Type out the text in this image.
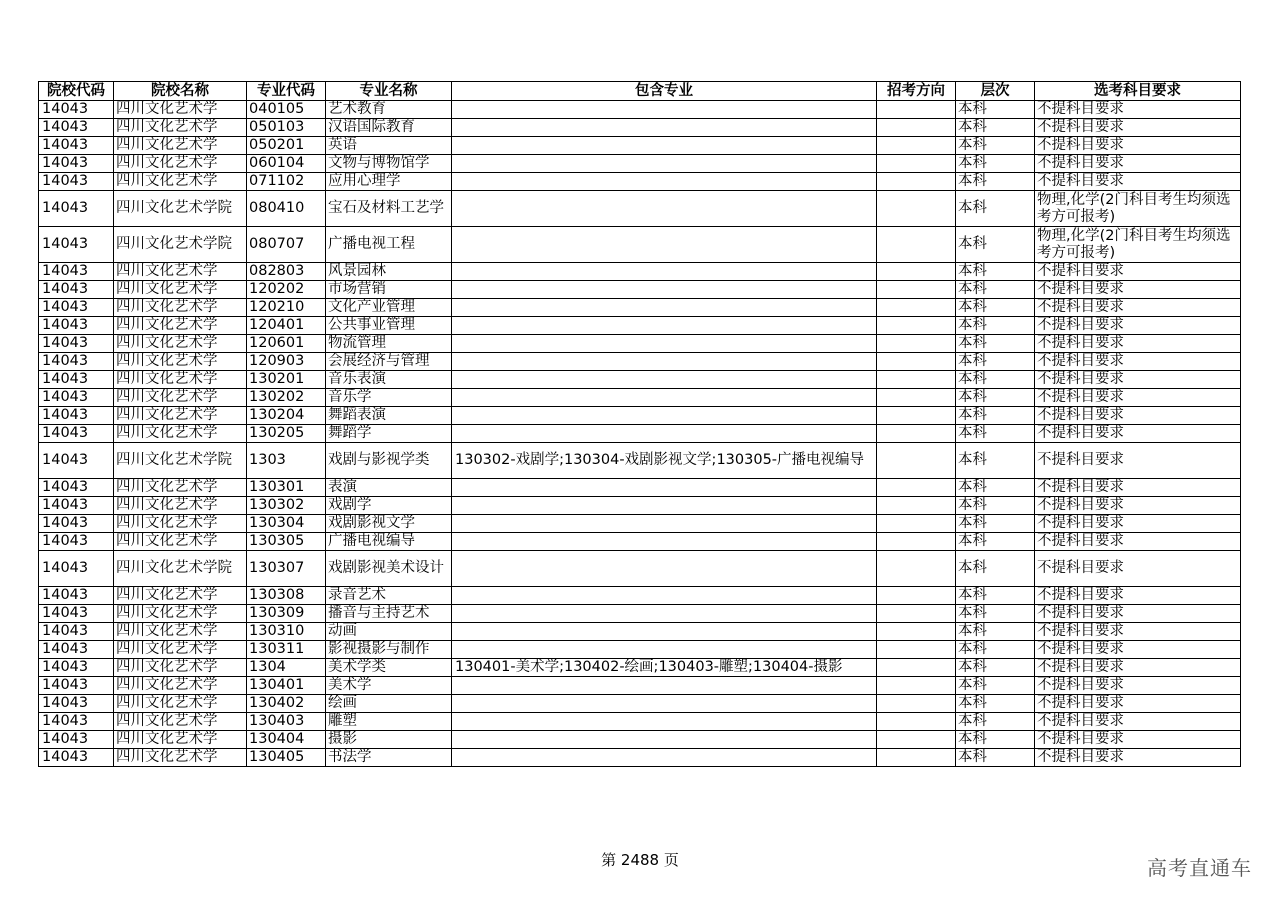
院校代码	院校名称	专业代码	专业名称	包含专业	招考方向	层次	选考科目要求
14043	四川文化艺术学	040105	艺术教育			本科	不提科目要求
14043	四川文化艺术学	050103	汉语国际教育			本科	不提科目要求
14043	四川文化艺术学	050201	英语			本科	不提科目要求
14043	四川文化艺术学	060104	文物与博物馆学			本科	不提科目要求
14043	四川文化艺术学	071102	应用心理学			本科	不提科目要求
14043	四川文化艺术学院	080410	宝石及材料工艺学			本科	物理,化学(2门科目考生均须选考方可报考)
14043	四川文化艺术学院	080707	广播电视工程			本科	物理,化学(2门科目考生均须选考方可报考)
14043	四川文化艺术学	082803	风景园林			本科	不提科目要求
14043	四川文化艺术学	120202	市场营销			本科	不提科目要求
14043	四川文化艺术学	120210	文化产业管理			本科	不提科目要求
14043	四川文化艺术学	120401	公共事业管理			本科	不提科目要求
14043	四川文化艺术学	120601	物流管理			本科	不提科目要求
14043	四川文化艺术学	120903	会展经济与管理			本科	不提科目要求
14043	四川文化艺术学	130201	音乐表演			本科	不提科目要求
14043	四川文化艺术学	130202	音乐学			本科	不提科目要求
14043	四川文化艺术学	130204	舞蹈表演			本科	不提科目要求
14043	四川文化艺术学	130205	舞蹈学			本科	不提科目要求
14043	四川文化艺术学院	1303	戏剧与影视学类	130302-戏剧学;130304-戏剧影视文学;130305-广播电视编导		本科	不提科目要求
14043	四川文化艺术学	130301	表演			本科	不提科目要求
14043	四川文化艺术学	130302	戏剧学			本科	不提科目要求
14043	四川文化艺术学	130304	戏剧影视文学			本科	不提科目要求
14043	四川文化艺术学	130305	广播电视编导			本科	不提科目要求
14043	四川文化艺术学院	130307	戏剧影视美术设计			本科	不提科目要求
14043	四川文化艺术学	130308	录音艺术			本科	不提科目要求
14043	四川文化艺术学	130309	播音与主持艺术			本科	不提科目要求
14043	四川文化艺术学	130310	动画			本科	不提科目要求
14043	四川文化艺术学	130311	影视摄影与制作			本科	不提科目要求
14043	四川文化艺术学	1304	美术学类	130401-美术学;130402-绘画;130403-雕塑;130404-摄影		本科	不提科目要求
14043	四川文化艺术学	130401	美术学			本科	不提科目要求
14043	四川文化艺术学	130402	绘画			本科	不提科目要求
14043	四川文化艺术学	130403	雕塑			本科	不提科目要求
14043	四川文化艺术学	130404	摄影			本科	不提科目要求
14043	四川文化艺术学	130405	书法学			本科	不提科目要求
第 2488 页	高考直通车
